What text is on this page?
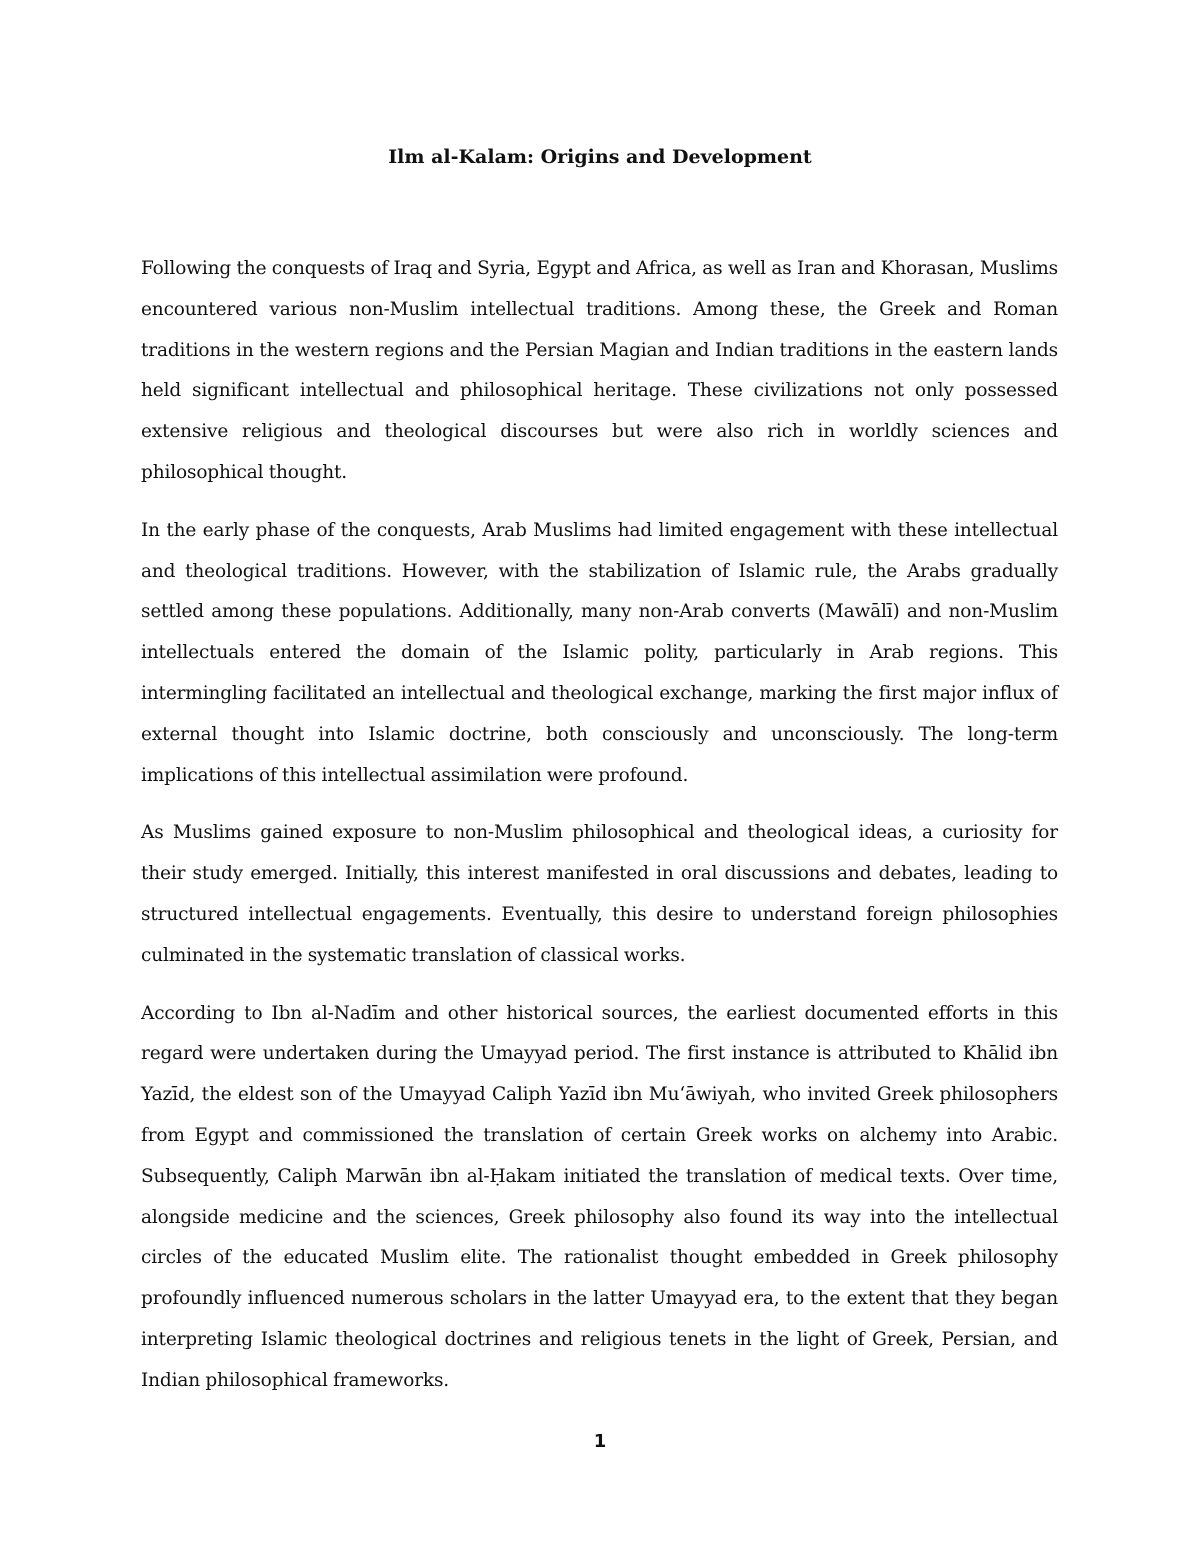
Ilm al-Kalam: Origins and Development

Following the conquests of Iraq and Syria, Egypt and Africa, as well as Iran and Khorasan, Muslims encountered various non-Muslim intellectual traditions. Among these, the Greek and Roman traditions in the western regions and the Persian Magian and Indian traditions in the eastern lands held significant intellectual and philosophical heritage. These civilizations not only possessed extensive religious and theological discourses but were also rich in worldly sciences and philosophical thought.

In the early phase of the conquests, Arab Muslims had limited engagement with these intellectual and theological traditions. However, with the stabilization of Islamic rule, the Arabs gradually settled among these populations. Additionally, many non-Arab converts (Mawālī) and non-Muslim intellectuals entered the domain of the Islamic polity, particularly in Arab regions. This intermingling facilitated an intellectual and theological exchange, marking the first major influx of external thought into Islamic doctrine, both consciously and unconsciously. The long-term implications of this intellectual assimilation were profound.

As Muslims gained exposure to non-Muslim philosophical and theological ideas, a curiosity for their study emerged. Initially, this interest manifested in oral discussions and debates, leading to structured intellectual engagements. Eventually, this desire to understand foreign philosophies culminated in the systematic translation of classical works.

According to Ibn al-Nadīm and other historical sources, the earliest documented efforts in this regard were undertaken during the Umayyad period. The first instance is attributed to Khālid ibn Yazīd, the eldest son of the Umayyad Caliph Yazīd ibn Mu‘āwiyah, who invited Greek philosophers from Egypt and commissioned the translation of certain Greek works on alchemy into Arabic. Subsequently, Caliph Marwān ibn al-Ḥakam initiated the translation of medical texts. Over time, alongside medicine and the sciences, Greek philosophy also found its way into the intellectual circles of the educated Muslim elite. The rationalist thought embedded in Greek philosophy profoundly influenced numerous scholars in the latter Umayyad era, to the extent that they began interpreting Islamic theological doctrines and religious tenets in the light of Greek, Persian, and Indian philosophical frameworks.

1
